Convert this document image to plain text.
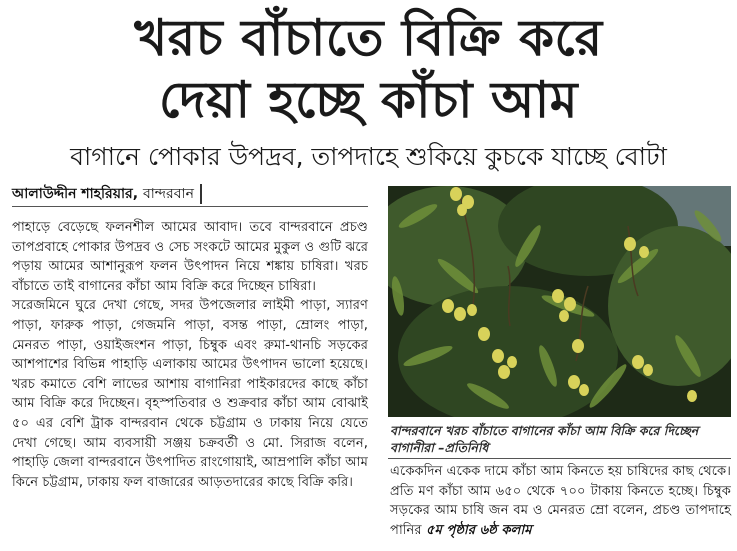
খরচ বাঁচাতে বিক্রি করে
দেয়া হচ্ছে কাঁচা আম
বাগানে পোকার উপদ্রব, তাপদাহে শুকিয়ে কুচকে যাচ্ছে বোটা
আলাউদ্দীন শাহরিয়ার, বান্দরবান

পাহাড়ে বেড়েছে ফলনশীল আমের আবাদ। তবে বান্দরবানে প্রচণ্ড তাপপ্রবাহে পোকার উপদ্রব ও সেচ সংকটে আমের মুকুল ও গুটি ঝরে পড়ায় আমের আশানুরূপ ফলন উৎপাদন নিয়ে শঙ্কায় চাষিরা। খরচ বাঁচাতে তাই বাগানের কাঁচা আম বিক্রি করে দিচ্ছেন চাষিরা।

সরেজমিনে ঘুরে দেখা গেছে, সদর উপজেলার লাইমী পাড়া, স্যারণ পাড়া, ফারুক পাড়া, গেজমনি পাড়া, বসন্ত পাড়া, ম্রোলং পাড়া, মেনরত পাড়া, ওয়াইজংশন পাড়া, চিম্বুক এবং রুমা-থানচি সড়কের আশপাশের বিভিন্ন পাহাড়ি এলাকায় আমের উৎপাদন ভালো হয়েছে। খরচ কমাতে বেশি লাভের আশায় বাগানিরা পাইকারদের কাছে কাঁচা আম বিক্রি করে দিচ্ছেন। বৃহস্পতিবার ও শুক্রবার কাঁচা আম বোঝাই ৫০ এর বেশি ট্রাক বান্দরবান থেকে চট্টগ্রাম ও ঢাকায় নিয়ে যেতে দেখা গেছে। আম ব্যবসায়ী সঞ্জয় চক্রবর্তী ও মো. সিরাজ বলেন, পাহাড়ি জেলা বান্দরবানে উৎপাদিত রাংগোয়াই, আম্রপালি কাঁচা আম কিনে চট্টগ্রাম, ঢাকায় ফল বাজারের আড়তদারের কাছে বিক্রি করি।

বান্দরবানে খরচ বাঁচাতে বাগানের কাঁচা আম বিক্রি করে দিচ্ছেন বাগানীরা –প্রতিনিধি

একেকদিন একেক দামে কাঁচা আম কিনতে হয় চাষিদের কাছ থেকে। প্রতি মণ কাঁচা আম ৬৫০ থেকে ৭০০ টাকায় কিনতে হচ্ছে। চিম্বুক সড়কের আম চাষি জন বম ও মেনরত ম্রো বলেন, প্রচণ্ড তাপদাহে পানির ৫ম পৃষ্ঠার ৬ষ্ঠ কলাম
